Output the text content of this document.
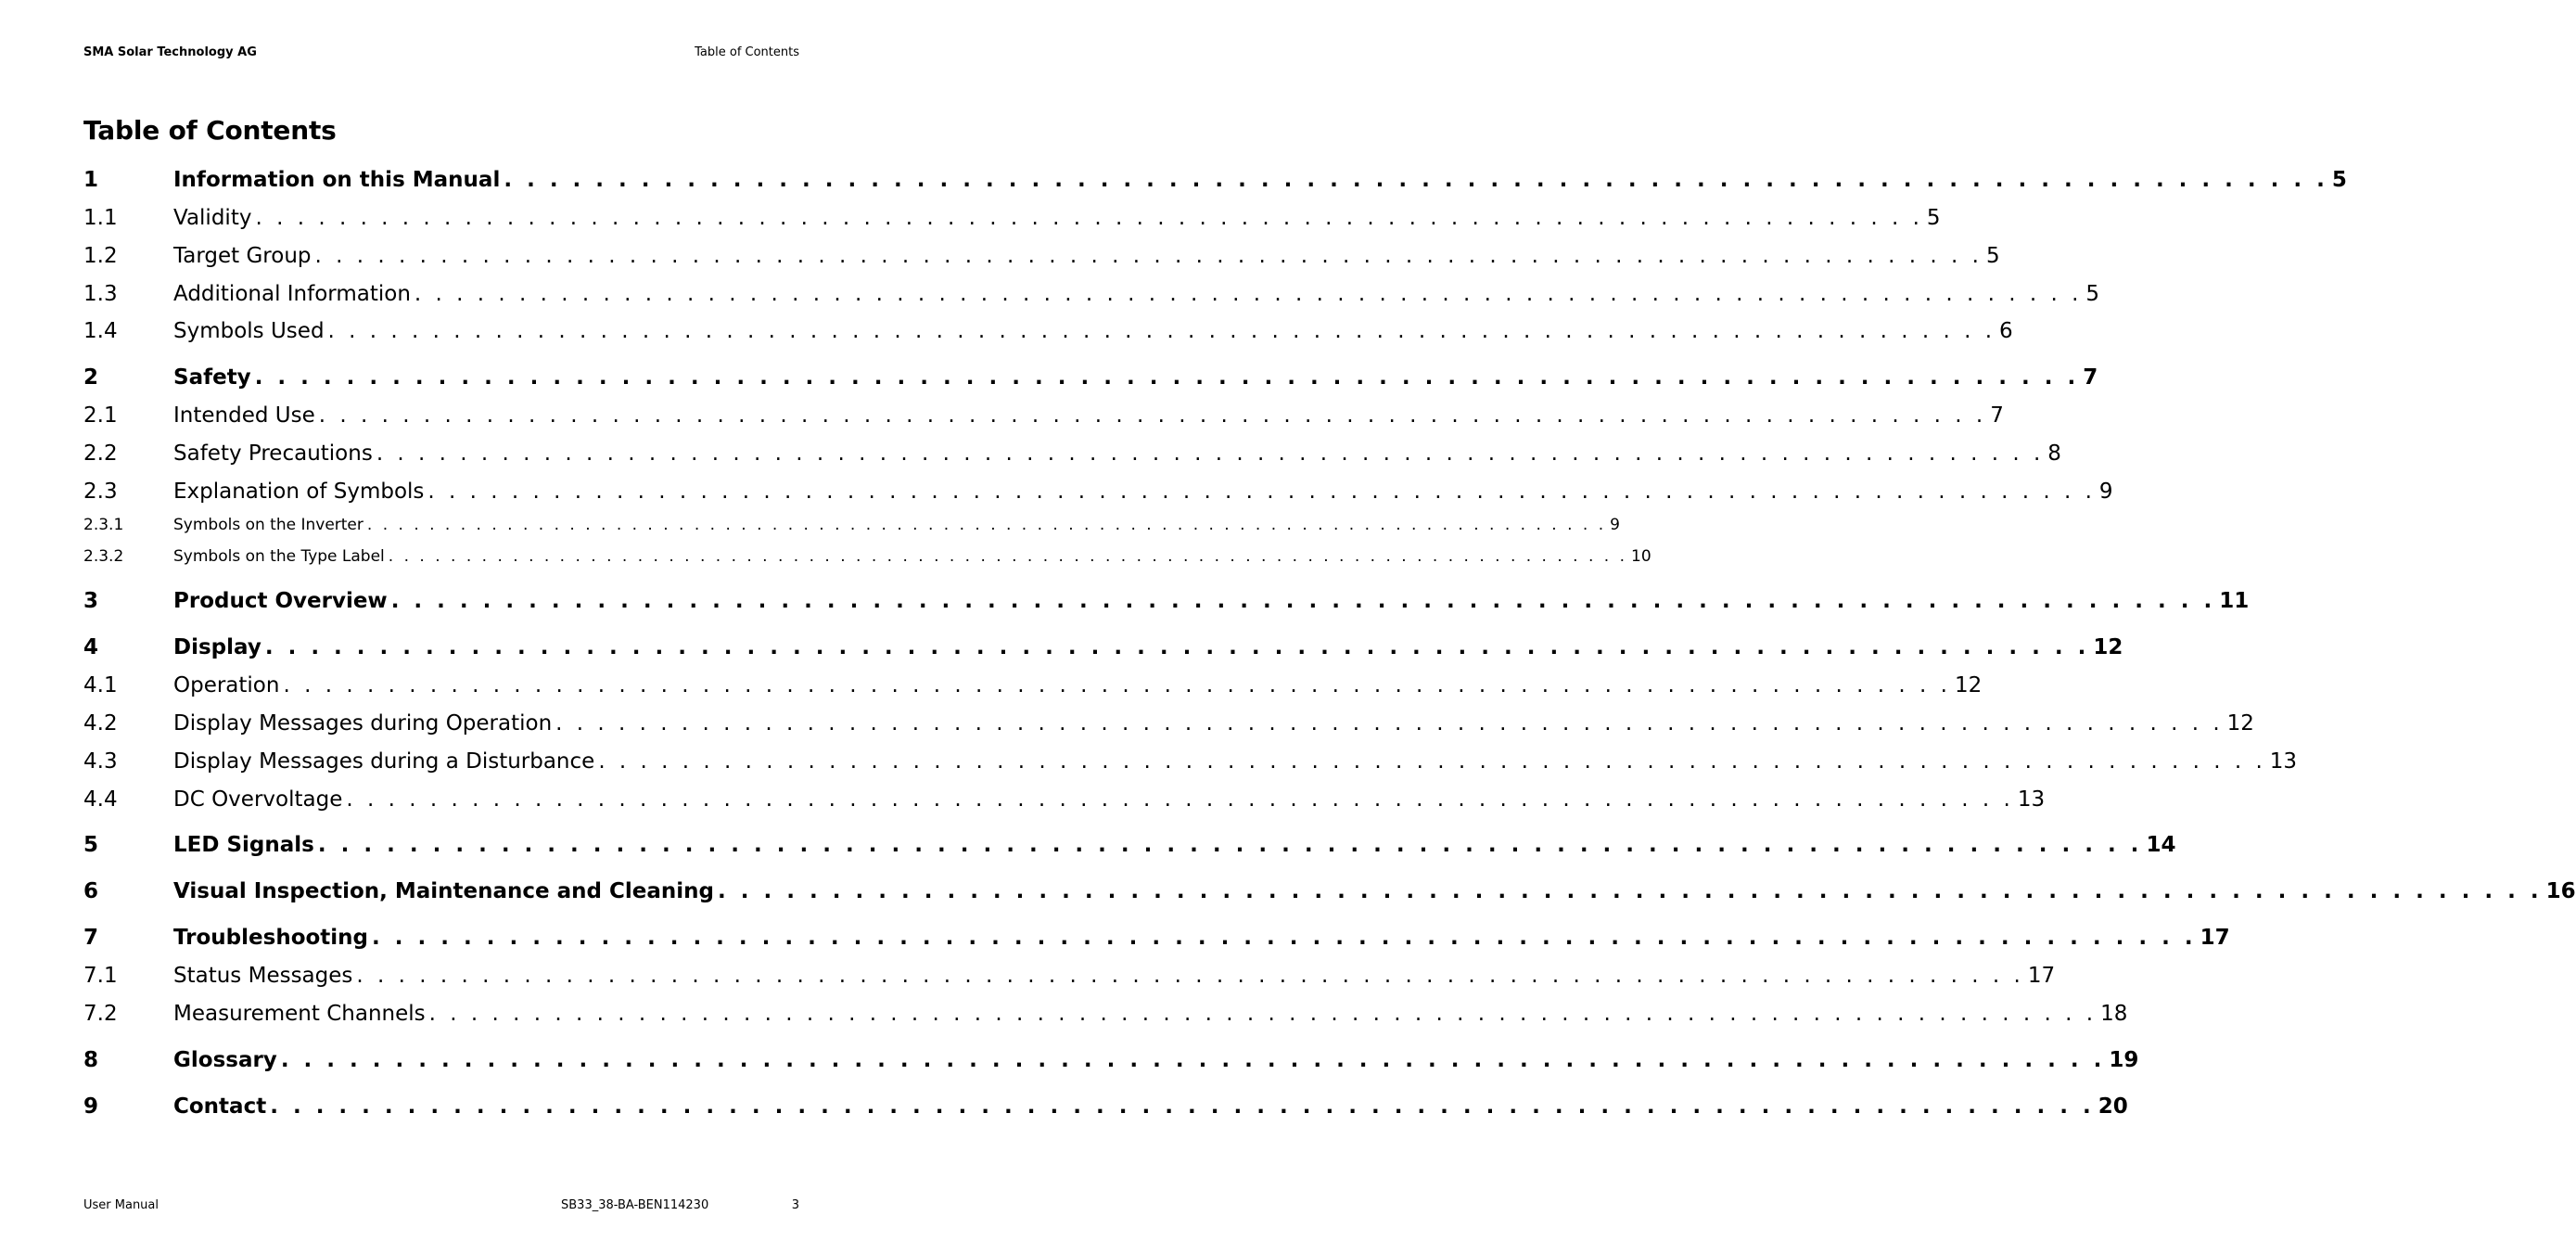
SMA Solar Technology AG	Table of Contents
Table of Contents
1	Information on this Manual . . . . . . . . . . . . . . . . . . . . . . . . . . . . . . . . . . . . . . . . . . . . . . . . . . . . . . . . . . . . . . . . . . . . . . . . . . . . . . . . 5
1.1	Validity . . . . . . . . . . . . . . . . . . . . . . . . . . . . . . . . . . . . . . . . . . . . . . . . . . . . . . . . . . . . . . . . . . . . . . . . . . . . . . . . 5
1.2	Target Group . . . . . . . . . . . . . . . . . . . . . . . . . . . . . . . . . . . . . . . . . . . . . . . . . . . . . . . . . . . . . . . . . . . . . . . . . . . . . . . . 5
1.3	Additional Information . . . . . . . . . . . . . . . . . . . . . . . . . . . . . . . . . . . . . . . . . . . . . . . . . . . . . . . . . . . . . . . . . . . . . . . . . . . . . . . . 5
1.4	Symbols Used . . . . . . . . . . . . . . . . . . . . . . . . . . . . . . . . . . . . . . . . . . . . . . . . . . . . . . . . . . . . . . . . . . . . . . . . . . . . . . . . 6
2	Safety . . . . . . . . . . . . . . . . . . . . . . . . . . . . . . . . . . . . . . . . . . . . . . . . . . . . . . . . . . . . . . . . . . . . . . . . . . . . . . . . 7
2.1	Intended Use . . . . . . . . . . . . . . . . . . . . . . . . . . . . . . . . . . . . . . . . . . . . . . . . . . . . . . . . . . . . . . . . . . . . . . . . . . . . . . . . 7
2.2	Safety Precautions . . . . . . . . . . . . . . . . . . . . . . . . . . . . . . . . . . . . . . . . . . . . . . . . . . . . . . . . . . . . . . . . . . . . . . . . . . . . . . . . 8
2.3	Explanation of Symbols . . . . . . . . . . . . . . . . . . . . . . . . . . . . . . . . . . . . . . . . . . . . . . . . . . . . . . . . . . . . . . . . . . . . . . . . . . . . . . . . 9
2.3.1	Symbols on the Inverter . . . . . . . . . . . . . . . . . . . . . . . . . . . . . . . . . . . . . . . . . . . . . . . . . . . . . . . . . . . . . . . . . . . . . . . . . . . . . . . . 9
2.3.2	Symbols on the Type Label . . . . . . . . . . . . . . . . . . . . . . . . . . . . . . . . . . . . . . . . . . . . . . . . . . . . . . . . . . . . . . . . . . . . . . . . . . . . . . . . 10
3	Product Overview . . . . . . . . . . . . . . . . . . . . . . . . . . . . . . . . . . . . . . . . . . . . . . . . . . . . . . . . . . . . . . . . . . . . . . . . . . . . . . . . 11
4	Display . . . . . . . . . . . . . . . . . . . . . . . . . . . . . . . . . . . . . . . . . . . . . . . . . . . . . . . . . . . . . . . . . . . . . . . . . . . . . . . . 12
4.1	Operation . . . . . . . . . . . . . . . . . . . . . . . . . . . . . . . . . . . . . . . . . . . . . . . . . . . . . . . . . . . . . . . . . . . . . . . . . . . . . . . . 12
4.2	Display Messages during Operation . . . . . . . . . . . . . . . . . . . . . . . . . . . . . . . . . . . . . . . . . . . . . . . . . . . . . . . . . . . . . . . . . . . . . . . . . . . . . . . . 12
4.3	Display Messages during a Disturbance . . . . . . . . . . . . . . . . . . . . . . . . . . . . . . . . . . . . . . . . . . . . . . . . . . . . . . . . . . . . . . . . . . . . . . . . . . . . . . . . 13
4.4	DC Overvoltage . . . . . . . . . . . . . . . . . . . . . . . . . . . . . . . . . . . . . . . . . . . . . . . . . . . . . . . . . . . . . . . . . . . . . . . . . . . . . . . . 13
5	LED Signals . . . . . . . . . . . . . . . . . . . . . . . . . . . . . . . . . . . . . . . . . . . . . . . . . . . . . . . . . . . . . . . . . . . . . . . . . . . . . . . . 14
6	Visual Inspection, Maintenance and Cleaning . . . . . . . . . . . . . . . . . . . . . . . . . . . . . . . . . . . . . . . . . . . . . . . . . . . . . . . . . . . . . . . . . . . . . . . . . . . . . . . . 16
7	Troubleshooting . . . . . . . . . . . . . . . . . . . . . . . . . . . . . . . . . . . . . . . . . . . . . . . . . . . . . . . . . . . . . . . . . . . . . . . . . . . . . . . . 17
7.1	Status Messages . . . . . . . . . . . . . . . . . . . . . . . . . . . . . . . . . . . . . . . . . . . . . . . . . . . . . . . . . . . . . . . . . . . . . . . . . . . . . . . . 17
7.2	Measurement Channels . . . . . . . . . . . . . . . . . . . . . . . . . . . . . . . . . . . . . . . . . . . . . . . . . . . . . . . . . . . . . . . . . . . . . . . . . . . . . . . . 18
8	Glossary . . . . . . . . . . . . . . . . . . . . . . . . . . . . . . . . . . . . . . . . . . . . . . . . . . . . . . . . . . . . . . . . . . . . . . . . . . . . . . . . 19
9	Contact . . . . . . . . . . . . . . . . . . . . . . . . . . . . . . . . . . . . . . . . . . . . . . . . . . . . . . . . . . . . . . . . . . . . . . . . . . . . . . . . 20
User Manual	SB33_38-BA-BEN114230	3
